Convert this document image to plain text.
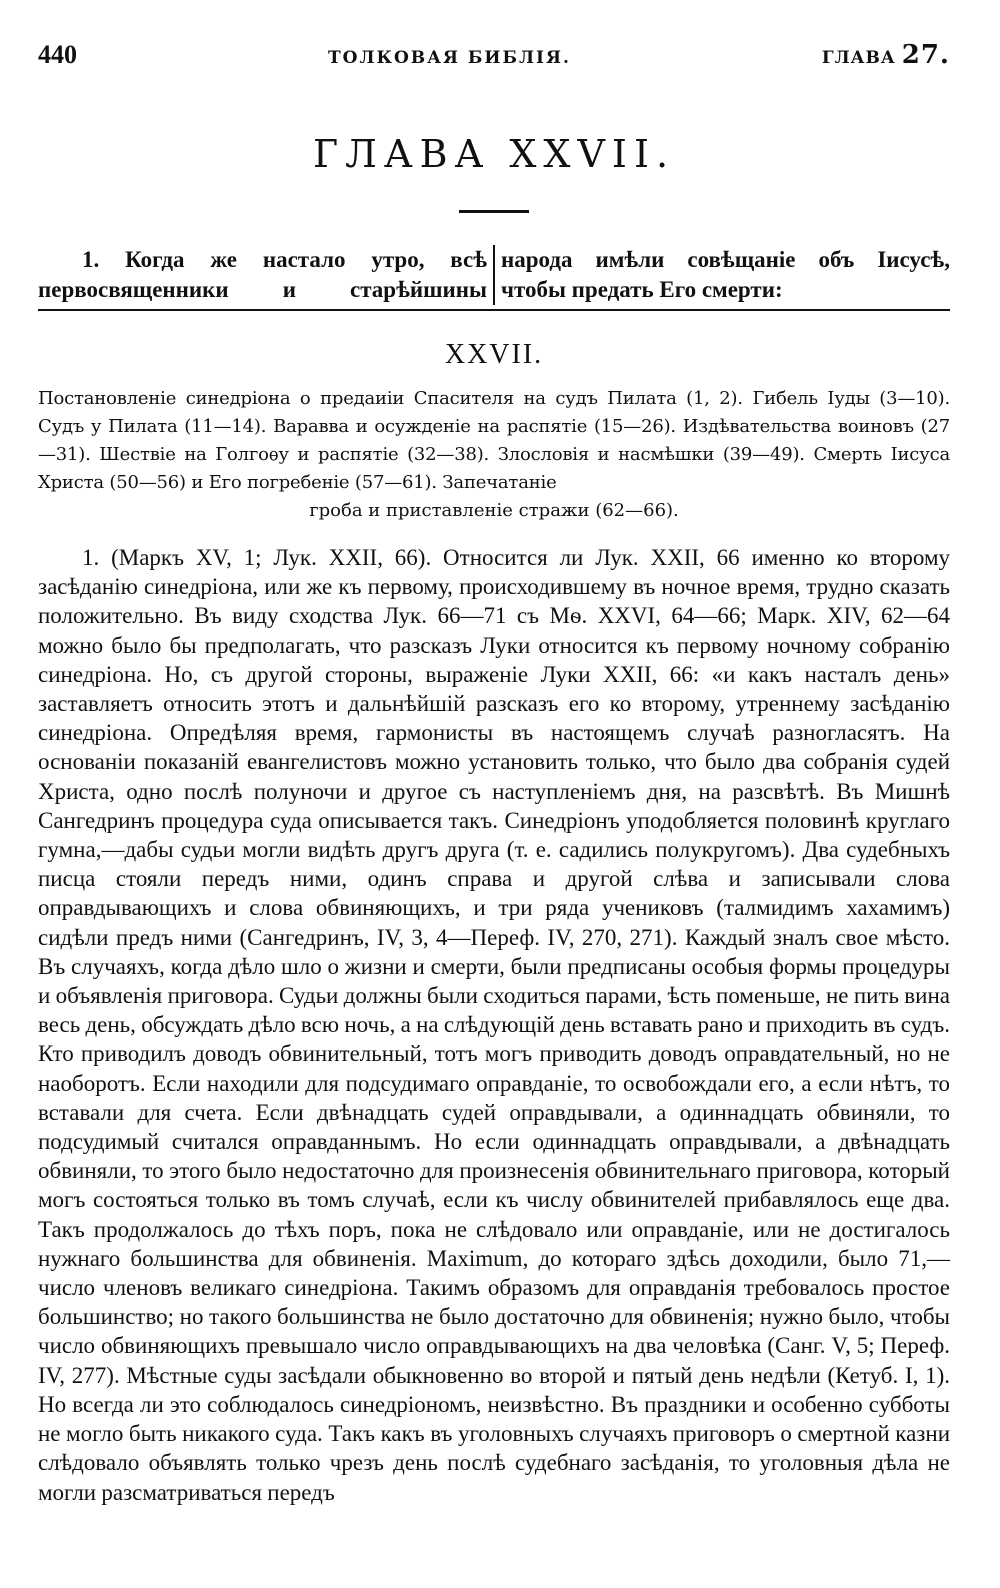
440	ТОЛКОВАЯ БИБЛІЯ.	ГЛАВА 27.
ГЛАВА XXVII.
1. Когда же настало утро, всѣ первосвященники и старѣйшины
народа имѣли совѣщаніе объ Іисусѣ, чтобы предать Его смерти:
XXVII.
Постановленіе синедріона о предаиіи Спасителя на судъ Пилата (1, 2). Гибель Іуды (3—10). Судъ у Пилата (11—14). Варавва и осужденіе на распятіе (15—26). Издѣвательства воиновъ (27—31). Шествіе на Голгоѳу и распятіе (32—38). Злословія и насмѣшки (39—49). Смерть Іисуса Христа (50—56) и Его погребеніе (57—61). Запечатаніе
гроба и приставленіе стражи (62—66).
1. (Маркъ XV, 1; Лук. XXII, 66). Относится ли Лук. XXII, 66 именно ко второму засѣданію синедріона, или же къ первому, происходившему въ ночное время, трудно сказать положительно. Въ виду сходства Лук. 66—71 съ Мѳ. XXVI, 64—66; Марк. XIV, 62—64 можно было бы предполагать, что разсказъ Луки относится къ первому ночному собранію синедріона. Но, съ другой стороны, выраженіе Луки XXII, 66: «и какъ насталъ день» заставляетъ относить этотъ и дальнѣйшій разсказъ его ко второму, утреннему засѣданію синедріона. Опредѣляя время, гармонисты въ настоящемъ случаѣ разногласятъ. На основаніи показаній евангелистовъ можно установить только, что было два собранія судей Христа, одно послѣ полуночи и другое съ наступленіемъ дня, на разсвѣтѣ. Въ Мишнѣ Сангедринъ процедура суда описывается такъ. Синедріонъ уподобляется половинѣ круглаго гумна,—дабы судьи могли видѣть другъ друга (т. е. садились полукругомъ). Два судебныхъ писца стояли передъ ними, одинъ справа и другой слѣва и записывали слова оправдывающихъ и слова обвиняющихъ, и три ряда учениковъ (талмидимъ хахамимъ) сидѣли предъ ними (Сангедринъ, IV, 3, 4—Переф. IV, 270, 271). Каждый зналъ свое мѣсто. Въ случаяхъ, когда дѣло шло о жизни и смерти, были предписаны особыя формы процедуры и объявленія приговора. Судьи должны были сходиться парами, ѣсть поменьше, не пить вина весь день, обсуждать дѣло всю ночь, а на слѣдующій день вставать рано и приходить въ судъ. Кто приводилъ доводъ обвинительный, тотъ могъ приводить доводъ оправдательный, но не наоборотъ. Если находили для подсудимаго оправданіе, то освобождали его, а если нѣтъ, то вставали для счета. Если двѣнадцать судей оправдывали, а одиннадцать обвиняли, то подсудимый считался оправданнымъ. Но если одиннадцать оправдывали, а двѣнадцать обвиняли, то этого было недостаточно для произнесенія обвинительнаго приговора, который могъ состояться только въ томъ случаѣ, если къ числу обвинителей прибавлялось еще два. Такъ продолжалось до тѣхъ поръ, пока не слѣдовало или оправданіе, или не достигалось нужнаго большинства для обвиненія. Maximum, до котораго здѣсь доходили, было 71,—число членовъ великаго синедріона. Такимъ образомъ для оправданія требовалось простое большинство; но такого большинства не было достаточно для обвиненія; нужно было, чтобы число обвиняющихъ превышало число оправдывающихъ на два человѣка (Санг. V, 5; Переф. IV, 277). Мѣстные суды засѣдали обыкновенно во второй и пятый день недѣли (Кетуб. I, 1). Но всегда ли это соблюдалось синедріономъ, неизвѣстно. Въ праздники и особенно субботы не могло быть никакого суда. Такъ какъ въ уголовныхъ случаяхъ приговоръ о смертной казни слѣдовало объявлять только чрезъ день послѣ судебнаго засѣданія, то уголовныя дѣла не могли разсматриваться передъ
